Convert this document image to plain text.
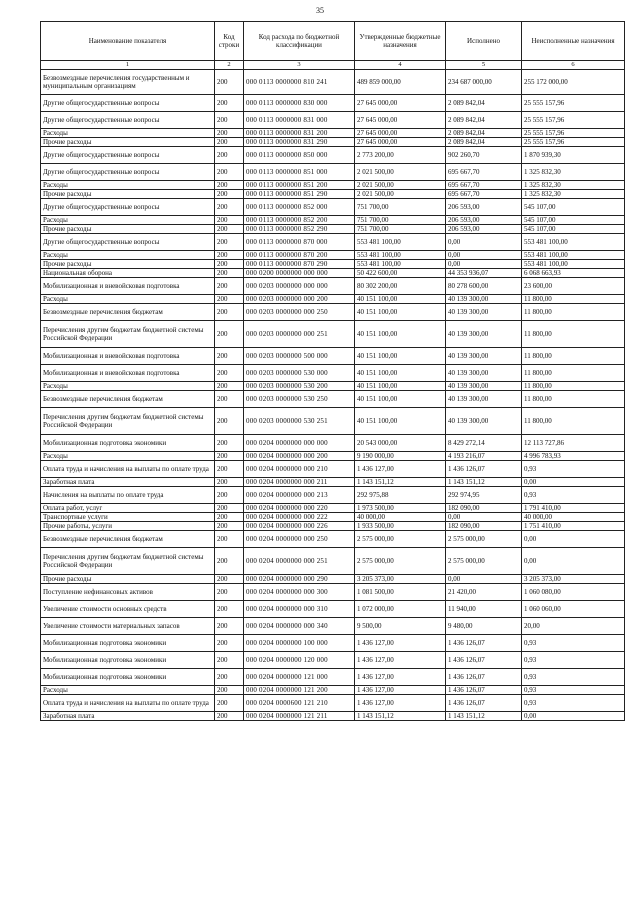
35
Наименование показателя	Код строки	Код расхода по бюджетной классификации	Утвержденные бюджетные назначения	Исполнено	Неисполненные назначения
1	2	3	4	5	6
Безвозмездные перечисления государственным и муниципальным организациям	200	000 0113 0000000 810 241	489 859 000,00	234 687 000,00	255 172 000,00
Другие общегосударственные вопросы	200	000 0113 0000000 830 000	27 645 000,00	2 089 842,04	25 555 157,96
Другие общегосударственные вопросы	200	000 0113 0000000 831 000	27 645 000,00	2 089 842,04	25 555 157,96
Расходы	200	000 0113 0000000 831 200	27 645 000,00	2 089 842,04	25 555 157,96
Прочие расходы	200	000 0113 0000000 831 290	27 645 000,00	2 089 842,04	25 555 157,96
Другие общегосударственные вопросы	200	000 0113 0000000 850 000	2 773 200,00	902 260,70	1 870 939,30
Другие общегосударственные вопросы	200	000 0113 0000000 851 000	2 021 500,00	695 667,70	1 325 832,30
Расходы	200	000 0113 0000000 851 200	2 021 500,00	695 667,70	1 325 832,30
Прочие расходы	200	000 0113 0000000 851 290	2 021 500,00	695 667,70	1 325 832,30
Другие общегосударственные вопросы	200	000 0113 0000000 852 000	751 700,00	206 593,00	545 107,00
Расходы	200	000 0113 0000000 852 200	751 700,00	206 593,00	545 107,00
Прочие расходы	200	000 0113 0000000 852 290	751 700,00	206 593,00	545 107,00
Другие общегосударственные вопросы	200	000 0113 0000000 870 000	553 481 100,00	0,00	553 481 100,00
Расходы	200	000 0113 0000000 870 200	553 481 100,00	0,00	553 481 100,00
Прочие расходы	200	000 0113 0000000 870 290	553 481 100,00	0,00	553 481 100,00
Национальная оборона	200	000 0200 0000000 000 000	50 422 600,00	44 353 936,07	6 068 663,93
Мобилизационная и вневойсковая подготовка	200	000 0203 0000000 000 000	80 302 200,00	80 278 600,00	23 600,00
Расходы	200	000 0203 0000000 000 200	40 151 100,00	40 139 300,00	11 800,00
Безвозмездные перечисления бюджетам	200	000 0203 0000000 000 250	40 151 100,00	40 139 300,00	11 800,00
Перечисления другим бюджетам бюджетной системы Российской Федерации	200	000 0203 0000000 000 251	40 151 100,00	40 139 300,00	11 800,00
Мобилизационная и вневойсковая подготовка	200	000 0203 0000000 500 000	40 151 100,00	40 139 300,00	11 800,00
Мобилизационная и вневойсковая подготовка	200	000 0203 0000000 530 000	40 151 100,00	40 139 300,00	11 800,00
Расходы	200	000 0203 0000000 530 200	40 151 100,00	40 139 300,00	11 800,00
Безвозмездные перечисления бюджетам	200	000 0203 0000000 530 250	40 151 100,00	40 139 300,00	11 800,00
Перечисления другим бюджетам бюджетной системы Российской Федерации	200	000 0203 0000000 530 251	40 151 100,00	40 139 300,00	11 800,00
Мобилизационная подготовка экономики	200	000 0204 0000000 000 000	20 543 000,00	8 429 272,14	12 113 727,86
Расходы	200	000 0204 0000000 000 200	9 190 000,00	4 193 216,07	4 996 783,93
Оплата труда и начисления на выплаты по оплате труда	200	000 0204 0000000 000 210	1 436 127,00	1 436 126,07	0,93
Заработная плата	200	000 0204 0000000 000 211	1 143 151,12	1 143 151,12	0,00
Начисления на выплаты по оплате труда	200	000 0204 0000000 000 213	292 975,88	292 974,95	0,93
Оплата работ, услуг	200	000 0204 0000000 000 220	1 973 500,00	182 090,00	1 791 410,00
Транспортные услуги	200	000 0204 0000000 000 222	40 000,00	0,00	40 000,00
Прочие работы, услуги	200	000 0204 0000000 000 226	1 933 500,00	182 090,00	1 751 410,00
Безвозмездные перечисления бюджетам	200	000 0204 0000000 000 250	2 575 000,00	2 575 000,00	0,00
Перечисления другим бюджетам бюджетной системы Российской Федерации	200	000 0204 0000000 000 251	2 575 000,00	2 575 000,00	0,00
Прочие расходы	200	000 0204 0000000 000 290	3 205 373,00	0,00	3 205 373,00
Поступление нефинансовых активов	200	000 0204 0000000 000 300	1 081 500,00	21 420,00	1 060 080,00
Увеличение стоимости основных средств	200	000 0204 0000000 000 310	1 072 000,00	11 940,00	1 060 060,00
Увеличение стоимости материальных запасов	200	000 0204 0000000 000 340	9 500,00	9 480,00	20,00
Мобилизационная подготовка экономики	200	000 0204 0000000 100 000	1 436 127,00	1 436 126,07	0,93
Мобилизационная подготовка экономики	200	000 0204 0000000 120 000	1 436 127,00	1 436 126,07	0,93
Мобилизационная подготовка экономики	200	000 0204 0000000 121 000	1 436 127,00	1 436 126,07	0,93
Расходы	200	000 0204 0000000 121 200	1 436 127,00	1 436 126,07	0,93
Оплата труда и начисления на выплаты по оплате труда	200	000 0204 0000600 121 210	1 436 127,00	1 436 126,07	0,93
Заработная плата	200	000 0204 0000000 121 211	1 143 151,12	1 143 151,12	0,00
